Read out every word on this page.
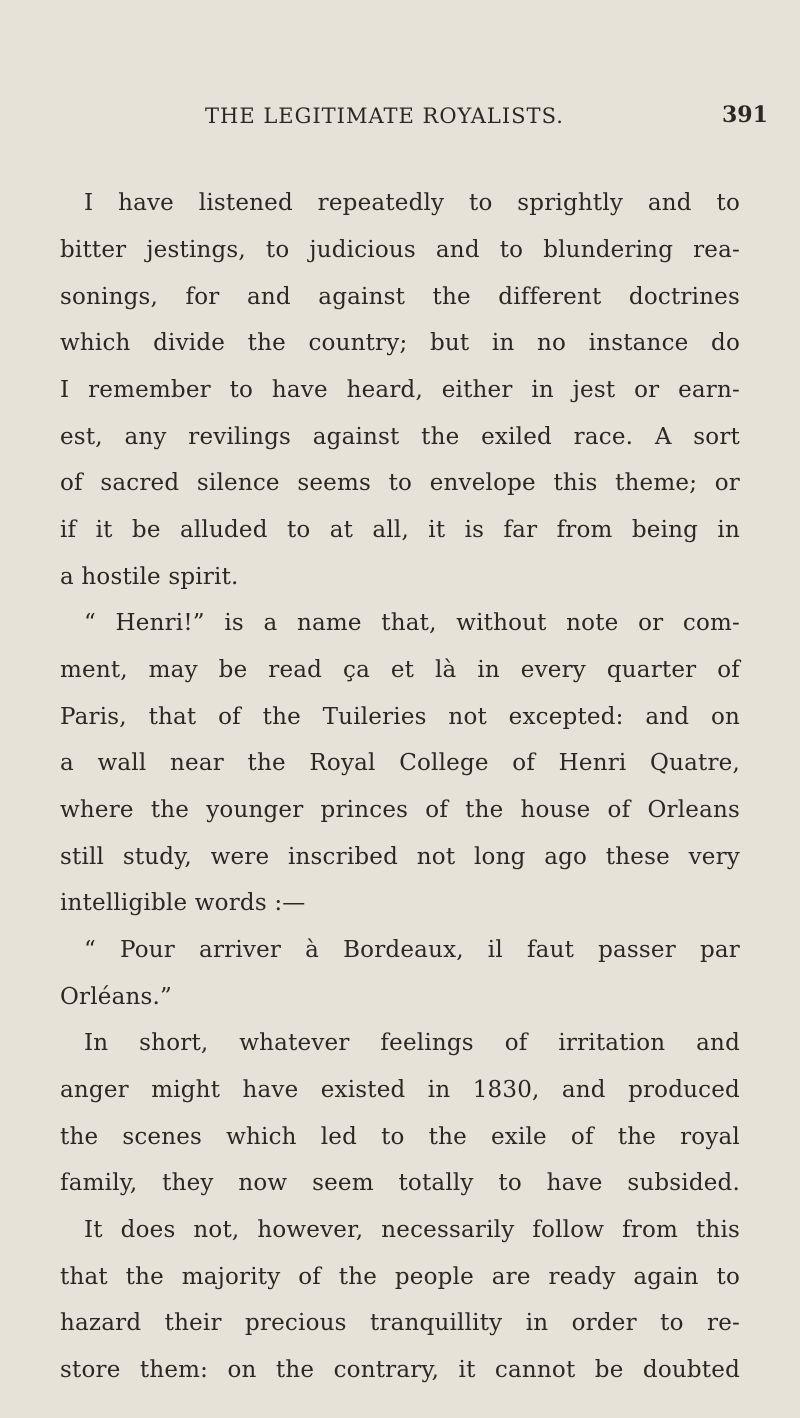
THE LEGITIMATE ROYALISTS.	391
I have listened repeatedly to sprightly and to
bitter jestings, to judicious and to blundering rea-
sonings, for and against the different doctrines
which divide the country; but in no instance do
I remember to have heard, either in jest or earn-
est, any revilings against the exiled race. A sort
of sacred silence seems to envelope this theme; or
if it be alluded to at all, it is far from being in
a hostile spirit.
“ Henri!” is a name that, without note or com-
ment, may be read ça et là in every quarter of
Paris, that of the Tuileries not excepted: and on
a wall near the Royal College of Henri Quatre,
where the younger princes of the house of Orleans
still study, were inscribed not long ago these very
intelligible words :—
“ Pour arriver à Bordeaux, il faut passer par
Orléans.”
In short, whatever feelings of irritation and
anger might have existed in 1830, and produced
the scenes which led to the exile of the royal
family, they now seem totally to have subsided.
It does not, however, necessarily follow from this
that the majority of the people are ready again to
hazard their precious tranquillity in order to re-
store them: on the contrary, it cannot be doubted
